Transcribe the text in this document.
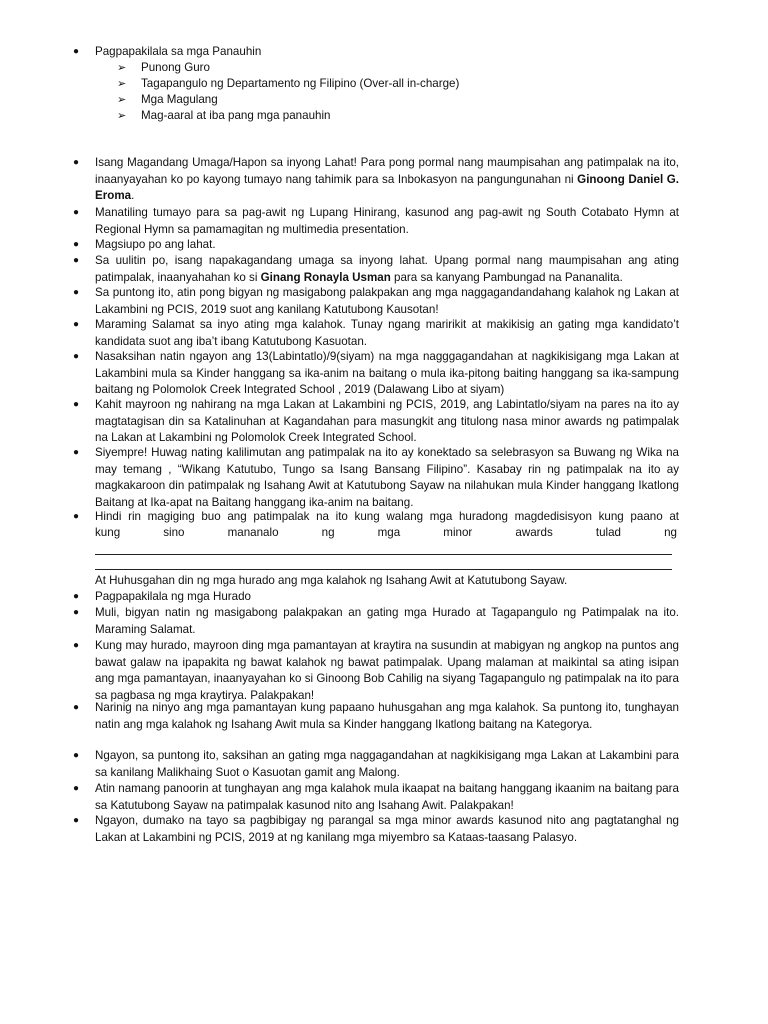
● Pagpapakilala sa mga Panauhin
➢ Punong Guro
➢ Tagapangulo ng Departamento ng Filipino (Over-all in-charge)
➢ Mga Magulang
➢ Mag-aaral at iba pang mga panauhin
● Isang Magandang Umaga/Hapon sa inyong Lahat! Para pong pormal nang maumpisahan ang patimpalak na ito, inaanyayahan ko po kayong tumayo nang tahimik para sa Inbokasyon na pangungunahan ni Ginoong Daniel G. Eroma.
● Manatiling tumayo para sa pag-awit ng Lupang Hinirang, kasunod ang pag-awit ng South Cotabato Hymn at Regional Hymn sa pamamagitan ng multimedia presentation.
● Magsiupo po ang lahat.
● Sa uulitin po, isang napakagandang umaga sa inyong lahat. Upang pormal nang maumpisahan ang ating patimpalak, inaanyahahan ko si Ginang Ronayla Usman para sa kanyang Pambungad na Pananalita.
● Sa puntong ito, atin pong bigyan ng masigabong palakpakan ang mga naggagandandahang kalahok ng Lakan at Lakambini ng PCIS, 2019 suot ang kanilang Katutubong Kausotan!
● Maraming Salamat sa inyo ating mga kalahok. Tunay ngang maririkit at makikisig an gating mga kandidato’t kandidata suot ang iba’t ibang Katutubong Kasuotan.
● Nasaksihan natin ngayon ang 13(Labintatlo)/9(siyam) na mga nagggagandahan at nagkikisigang mga Lakan at Lakambini mula sa Kinder hanggang sa ika-anim na baitang o mula ika-pitong baiting hanggang sa ika-sampung baitang ng Polomolok Creek Integrated School , 2019 (Dalawang Libo at siyam)
● Kahit mayroon ng nahirang na mga Lakan at Lakambini ng PCIS, 2019, ang Labintatlo/siyam na pares na ito ay magtatagisan din sa Katalinuhan at Kagandahan para masungkit ang titulong nasa minor awards ng patimpalak na Lakan at Lakambini ng Polomolok Creek Integrated School.
● Siyempre! Huwag nating kalilimutan ang patimpalak na ito ay konektado sa selebrasyon sa Buwang ng Wika na may temang , “Wikang Katutubo, Tungo sa Isang Bansang Filipino”. Kasabay rin ng patimpalak na ito ay magkakaroon din patimpalak ng Isahang Awit at Katutubong Sayaw na nilahukan mula Kinder hanggang Ikatlong Baitang at Ika-apat na Baitang hanggang ika-anim na baitang.
● Hindi rin magiging buo ang patimpalak na ito kung walang mga huradong magdedisisyon kung paano at
kung	sino	mananalo	ng	mga	minor	awards	tulad	ng
At Huhusgahan din ng mga hurado ang mga kalahok ng Isahang Awit at Katutubong Sayaw.
● Pagpapakilala ng mga Hurado
● Muli, bigyan natin ng masigabong palakpakan an gating mga Hurado at Tagapangulo ng Patimpalak na ito. Maraming Salamat.
● Kung may hurado, mayroon ding mga pamantayan at kraytira na susundin at mabigyan ng angkop na puntos ang bawat galaw na ipapakita ng bawat kalahok ng bawat patimpalak. Upang malaman at maikintal sa ating isipan ang mga pamantayan, inaanyayahan ko si Ginoong Bob Cahilig na siyang Tagapangulo ng patimpalak na ito para sa pagbasa ng mga kraytirya. Palakpakan!
● Narinig na ninyo ang mga pamantayan kung papaano huhusgahan ang mga kalahok. Sa puntong ito, tunghayan natin ang mga kalahok ng Isahang Awit mula sa Kinder hanggang Ikatlong baitang na Kategorya.
● Ngayon, sa puntong ito, saksihan an gating mga naggagandahan at nagkikisigang mga Lakan at Lakambini para sa kanilang Malikhaing Suot o Kasuotan gamit ang Malong.
● Atin namang panoorin at tunghayan ang mga kalahok mula ikaapat na baitang hanggang ikaanim na baitang para sa Katutubong Sayaw na patimpalak kasunod nito ang Isahang Awit. Palakpakan!
● Ngayon, dumako na tayo sa pagbibigay ng parangal sa mga minor awards kasunod nito ang pagtatanghal ng Lakan at Lakambini ng PCIS, 2019 at ng kanilang mga miyembro sa Kataas-taasang Palasyo.
